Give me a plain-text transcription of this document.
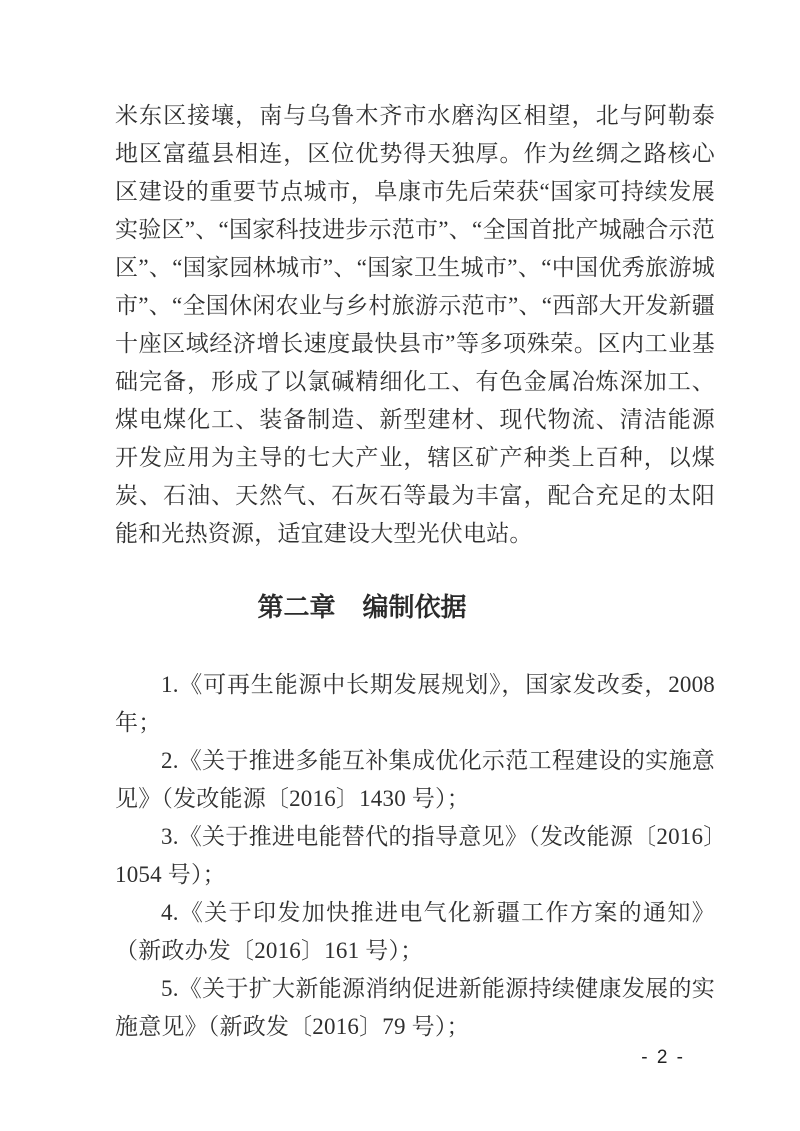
米东区接壤，南与乌鲁木齐市水磨沟区相望，北与阿勒泰地区富蕴县相连，区位优势得天独厚。作为丝绸之路核心区建设的重要节点城市，阜康市先后荣获“国家可持续发展实验区”、“国家科技进步示范市”、“全国首批产城融合示范区”、“国家园林城市”、“国家卫生城市”、“中国优秀旅游城市”、“全国休闲农业与乡村旅游示范市”、“西部大开发新疆十座区域经济增长速度最快县市”等多项殊荣。区内工业基础完备，形成了以氯碱精细化工、有色金属冶炼深加工、煤电煤化工、装备制造、新型建材、现代物流、清洁能源开发应用为主导的七大产业，辖区矿产种类上百种，以煤炭、石油、天然气、石灰石等最为丰富，配合充足的太阳能和光热资源，适宜建设大型光伏电站。

第二章 编制依据

1.《可再生能源中长期发展规划》，国家发改委，2008 年；

2.《关于推进多能互补集成优化示范工程建设的实施意见》（发改能源〔2016〕1430 号）；

3.《关于推进电能替代的指导意见》（发改能源〔2016〕1054 号）；

4.《关于印发加快推进电气化新疆工作方案的通知》（新政办发〔2016〕161 号）；

5.《关于扩大新能源消纳促进新能源持续健康发展的实施意见》（新政发〔2016〕79 号）；

- 2 -
